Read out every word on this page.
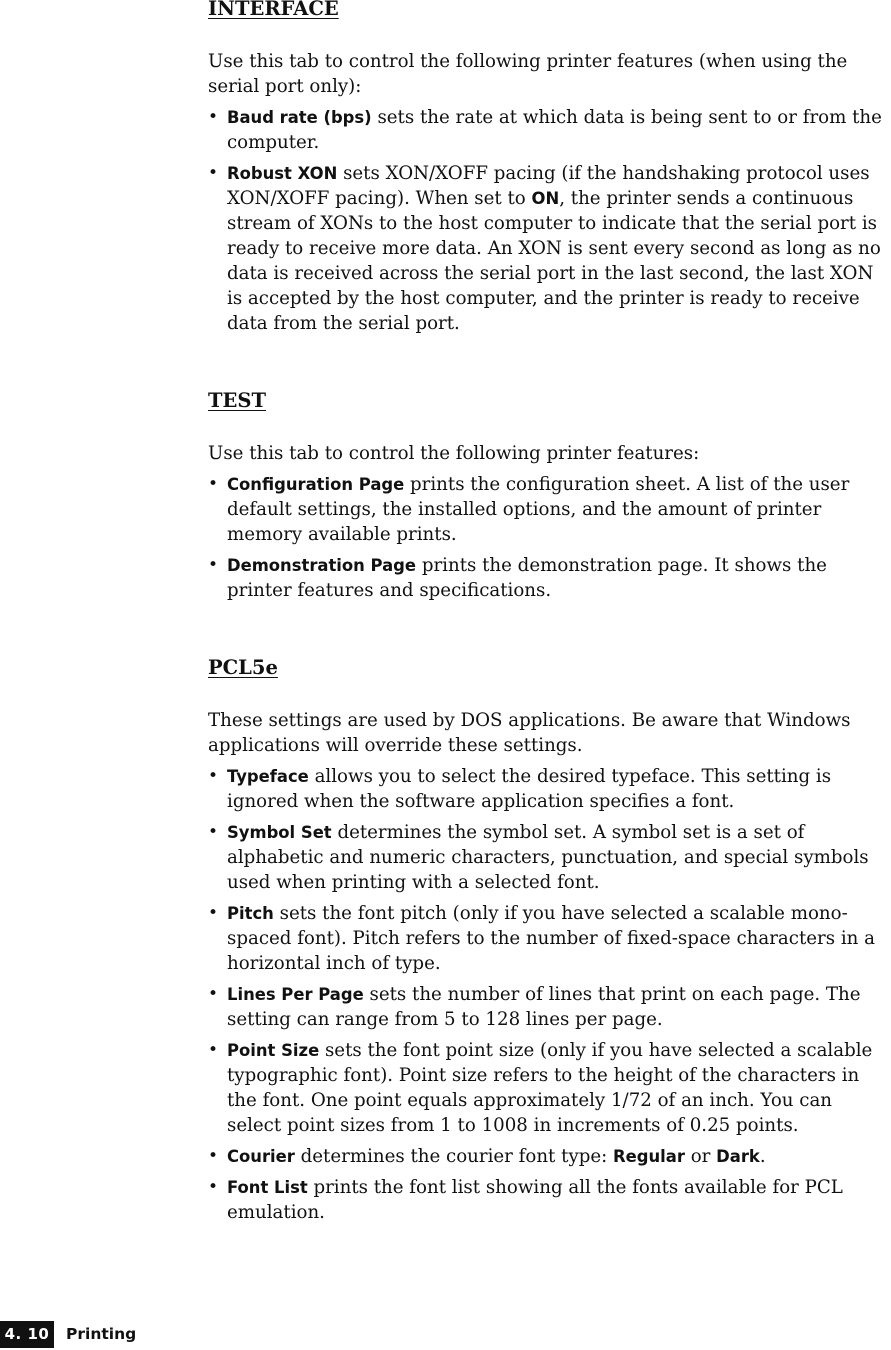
INTERFACE
Use this tab to control the following printer features (when using the serial port only):
• Baud rate (bps) sets the rate at which data is being sent to or from the computer.
• Robust XON sets XON/XOFF pacing (if the handshaking protocol uses XON/XOFF pacing). When set to ON, the printer sends a continuous stream of XONs to the host computer to indicate that the serial port is ready to receive more data. An XON is sent every second as long as no data is received across the serial port in the last second, the last XON is accepted by the host computer, and the printer is ready to receive data from the serial port.
TEST
Use this tab to control the following printer features:
• Configuration Page prints the configuration sheet. A list of the user default settings, the installed options, and the amount of printer memory available prints.
• Demonstration Page prints the demonstration page. It shows the printer features and specifications.
PCL5e
These settings are used by DOS applications. Be aware that Windows applications will override these settings.
• Typeface allows you to select the desired typeface. This setting is ignored when the software application specifies a font.
• Symbol Set determines the symbol set. A symbol set is a set of alphabetic and numeric characters, punctuation, and special symbols used when printing with a selected font.
• Pitch sets the font pitch (only if you have selected a scalable mono-spaced font). Pitch refers to the number of fixed-space characters in a horizontal inch of type.
• Lines Per Page sets the number of lines that print on each page. The setting can range from 5 to 128 lines per page.
• Point Size sets the font point size (only if you have selected a scalable typographic font). Point size refers to the height of the characters in the font. One point equals approximately 1/72 of an inch. You can select point sizes from 1 to 1008 in increments of 0.25 points.
• Courier determines the courier font type: Regular or Dark.
• Font List prints the font list showing all the fonts available for PCL emulation.
4. 10 Printing
